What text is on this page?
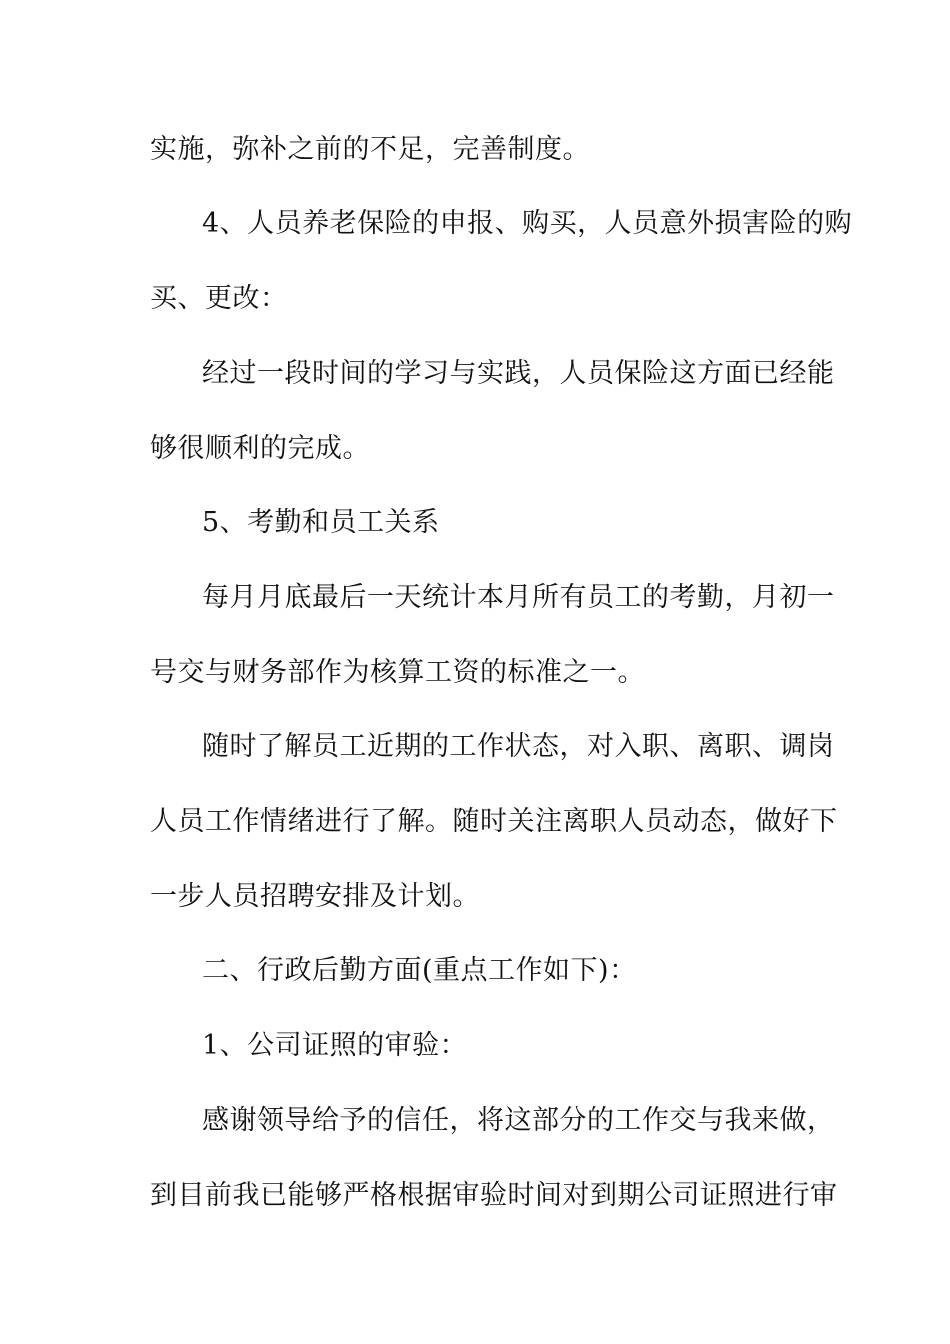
实施，弥补之前的不足，完善制度。

4、人员养老保险的申报、购买，人员意外损害险的购

买、更改：

经过一段时间的学习与实践，人员保险这方面已经能

够很顺利的完成。

5、考勤和员工关系

每月月底最后一天统计本月所有员工的考勤，月初一

号交与财务部作为核算工资的标准之一。

随时了解员工近期的工作状态，对入职、离职、调岗

人员工作情绪进行了解。随时关注离职人员动态，做好下

一步人员招聘安排及计划。

二、行政后勤方面(重点工作如下)：

1、公司证照的审验：

感谢领导给予的信任，将这部分的工作交与我来做，

到目前我已能够严格根据审验时间对到期公司证照进行审
